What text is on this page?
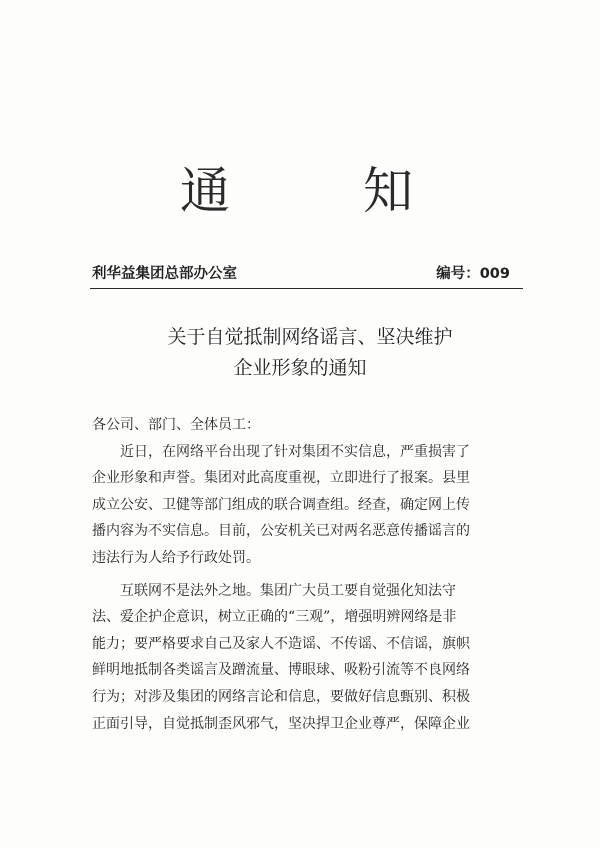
通	知
利华益集团总部办公室	编号：009
关于自觉抵制网络谣言、坚决维护
企业形象的通知
各公司、部门、全体员工：
近日，在网络平台出现了针对集团不实信息，严重损害了
企业形象和声誉。集团对此高度重视，立即进行了报案。县里
成立公安、卫健等部门组成的联合调查组。经查，确定网上传
播内容为不实信息。目前，公安机关已对两名恶意传播谣言的
违法行为人给予行政处罚。
互联网不是法外之地。集团广大员工要自觉强化知法守
法、爱企护企意识，树立正确的“三观”，增强明辨网络是非
能力；要严格要求自己及家人不造谣、不传谣、不信谣，旗帜
鲜明地抵制各类谣言及蹭流量、博眼球、吸粉引流等不良网络
行为；对涉及集团的网络言论和信息，要做好信息甄别、积极
正面引导，自觉抵制歪风邪气，坚决捍卫企业尊严，保障企业
